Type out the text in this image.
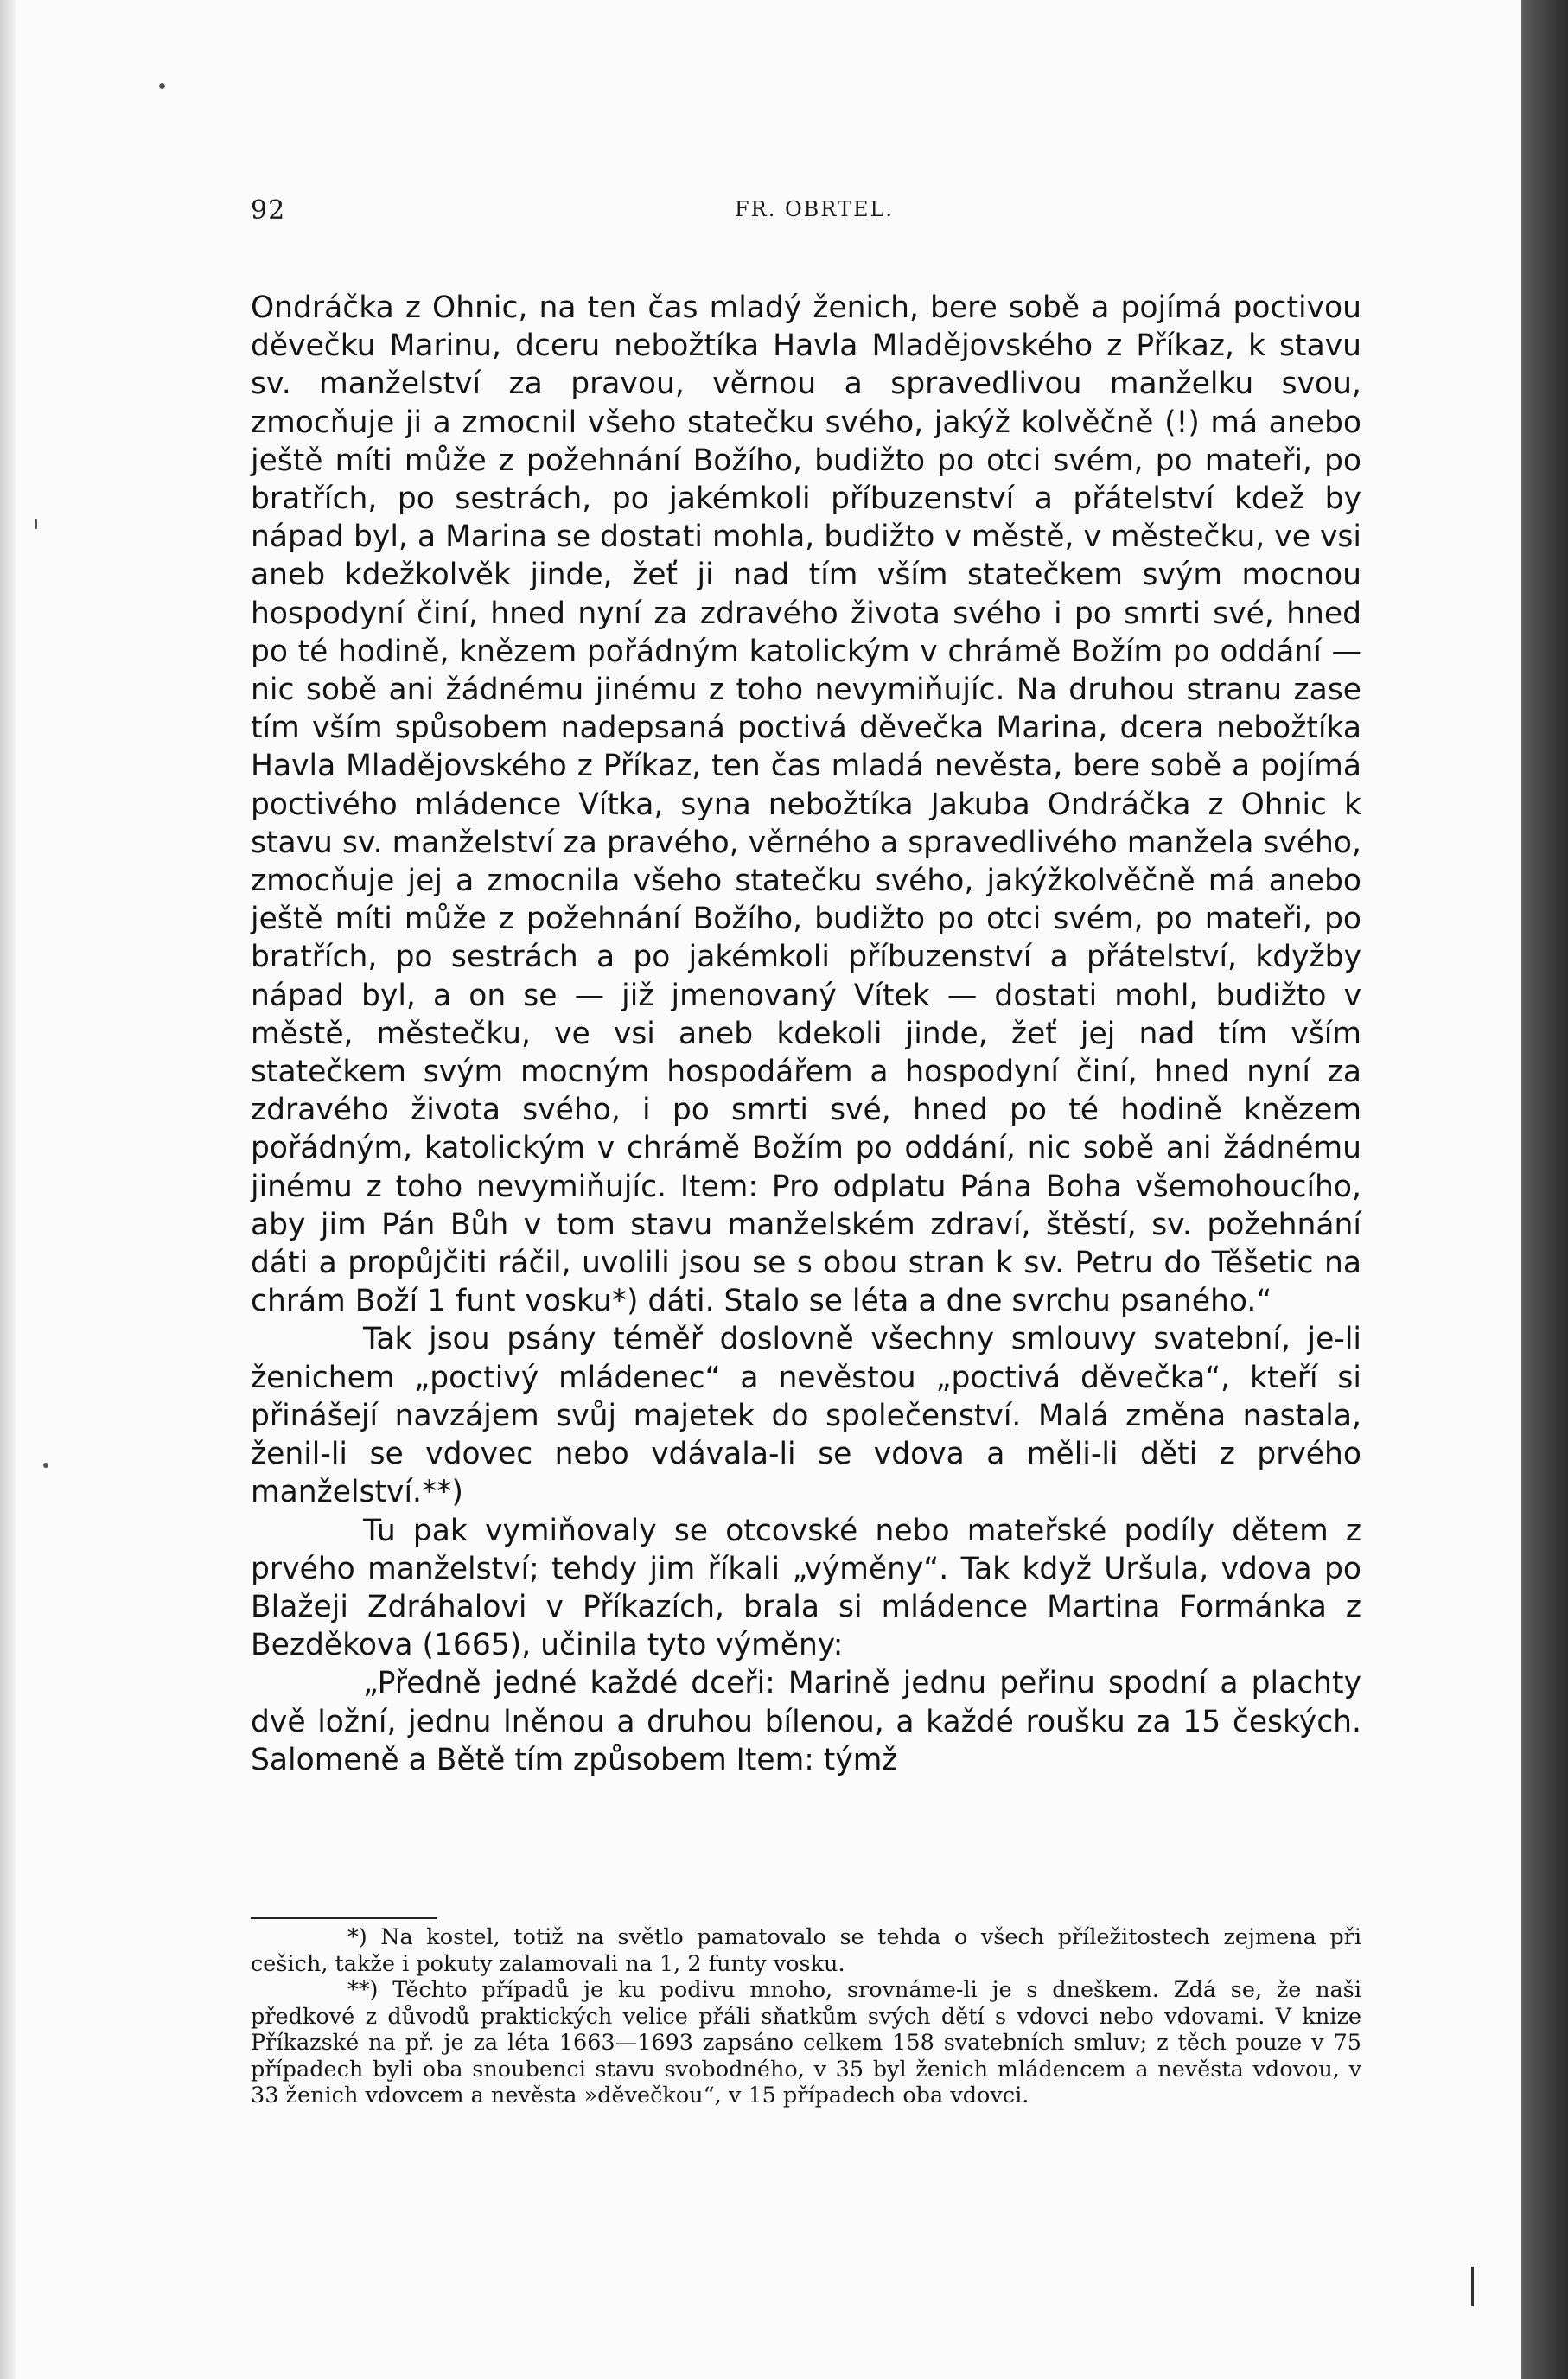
92	FR. OBRTEL.

Ondráčka z Ohnic, na ten čas mladý ženich, bere sobě a pojímá poctivou děvečku Marinu, dceru nebožtíka Havla Mladějovského z Příkaz, k stavu sv. manželství za pravou, věrnou a spravedlivou manželku svou, zmocňuje ji a zmocnil všeho statečku svého, jakýž kolvěčně (!) má anebo ještě míti může z požehnání Božího, budižto po otci svém, po mateři, po bratřích, po sestrách, po jakémkoli příbuzenství a přátelství kdež by nápad byl, a Marina se dostati mohla, budižto v městě, v městečku, ve vsi aneb kdežkolvěk jinde, žeť ji nad tím vším statečkem svým mocnou hospodyní činí, hned nyní za zdravého života svého i po smrti své, hned po té hodině, knězem pořádným katolickým v chrámě Božím po oddání — nic sobě ani žádnému jinému z toho nevymiňujíc. Na druhou stranu zase tím vším spůsobem nadepsaná poctivá děvečka Marina, dcera nebožtíka Havla Mladějovského z Příkaz, ten čas mladá nevěsta, bere sobě a pojímá poctivého mládence Vítka, syna nebožtíka Jakuba Ondráčka z Ohnic k stavu sv. manželství za pravého, věrného a spravedlivého manžela svého, zmocňuje jej a zmocnila všeho statečku svého, jakýžkolvěčně má anebo ještě míti může z požehnání Božího, budižto po otci svém, po mateři, po bratřích, po sestrách a po jakémkoli příbuzenství a přátelství, kdyžby nápad byl, a on se — již jmenovaný Vítek — dostati mohl, budižto v městě, městečku, ve vsi aneb kdekoli jinde, žeť jej nad tím vším statečkem svým mocným hospodářem a hospodyní činí, hned nyní za zdravého života svého, i po smrti své, hned po té hodině knězem pořádným, katolickým v chrámě Božím po oddání, nic sobě ani žádnému jinému z toho nevymiňujíc. Item: Pro odplatu Pána Boha všemohoucího, aby jim Pán Bůh v tom stavu manželském zdraví, štěstí, sv. požehnání dáti a propůjčiti ráčil, uvolili jsou se s obou stran k sv. Petru do Těšetic na chrám Boží 1 funt vosku*) dáti. Stalo se léta a dne svrchu psaného.“

Tak jsou psány téměř doslovně všechny smlouvy svatební, je-li ženichem „poctivý mládenec“ a nevěstou „poctivá děvečka“, kteří si přinášejí navzájem svůj majetek do společenství. Malá změna nastala, ženil-li se vdovec nebo vdávala-li se vdova a měli-li děti z prvého manželství.**)

Tu pak vymiňovaly se otcovské nebo mateřské podíly dětem z prvého manželství; tehdy jim říkali „výměny“. Tak když Uršula, vdova po Blažeji Zdráhalovi v Příkazích, brala si mládence Martina Formánka z Bezděkova (1665), učinila tyto výměny:

„Předně jedné každé dceři: Marině jednu peřinu spodní a plachty dvě ložní, jednu lněnou a druhou bílenou, a každé roušku za 15 českých. Salomeně a Bětě tím způsobem Item: týmž

*) Na kostel, totiž na světlo pamatovalo se tehda o všech příležitostech zejmena při cešich, takže i pokuty zalamovali na 1, 2 funty vosku.

**) Těchto případů je ku podivu mnoho, srovnáme-li je s dneškem. Zdá se, že naši předkové z důvodů praktických velice přáli sňatkům svých dětí s vdovci nebo vdovami. V knize Příkazské na př. je za léta 1663—1693 zapsáno celkem 158 svatebních smluv; z těch pouze v 75 případech byli oba snoubenci stavu svobodného, v 35 byl ženich mládencem a nevěsta vdovou, v 33 ženich vdovcem a nevěsta »děvečkou“, v 15 případech oba vdovci.
